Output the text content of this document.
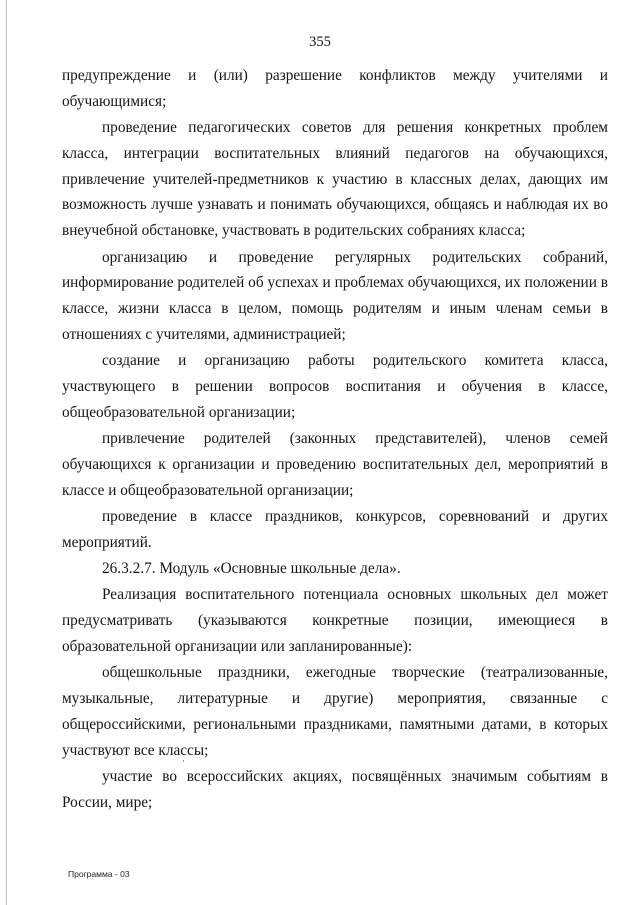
355

предупреждение и (или) разрешение конфликтов между учителями и обучающимися;

проведение педагогических советов для решения конкретных проблем класса, интеграции воспитательных влияний педагогов на обучающихся, привлечение учителей-предметников к участию в классных делах, дающих им возможность лучше узнавать и понимать обучающихся, общаясь и наблюдая их во внеучебной обстановке, участвовать в родительских собраниях класса;

организацию и проведение регулярных родительских собраний, информирование родителей об успехах и проблемах обучающихся, их положении в классе, жизни класса в целом, помощь родителям и иным членам семьи в отношениях с учителями, администрацией;

создание и организацию работы родительского комитета класса, участвующего в решении вопросов воспитания и обучения в классе, общеобразовательной организации;

привлечение родителей (законных представителей), членов семей обучающихся к организации и проведению воспитательных дел, мероприятий в классе и общеобразовательной организации;

проведение в классе праздников, конкурсов, соревнований и других мероприятий.

26.3.2.7. Модуль «Основные школьные дела».

Реализация воспитательного потенциала основных школьных дел может предусматривать (указываются конкретные позиции, имеющиеся в образовательной организации или запланированные):

общешкольные праздники, ежегодные творческие (театрализованные, музыкальные, литературные и другие) мероприятия, связанные с общероссийскими, региональными праздниками, памятными датами, в которых участвуют все классы;

участие во всероссийских акциях, посвящённых значимым событиям в России, мире;

Программа - 03
